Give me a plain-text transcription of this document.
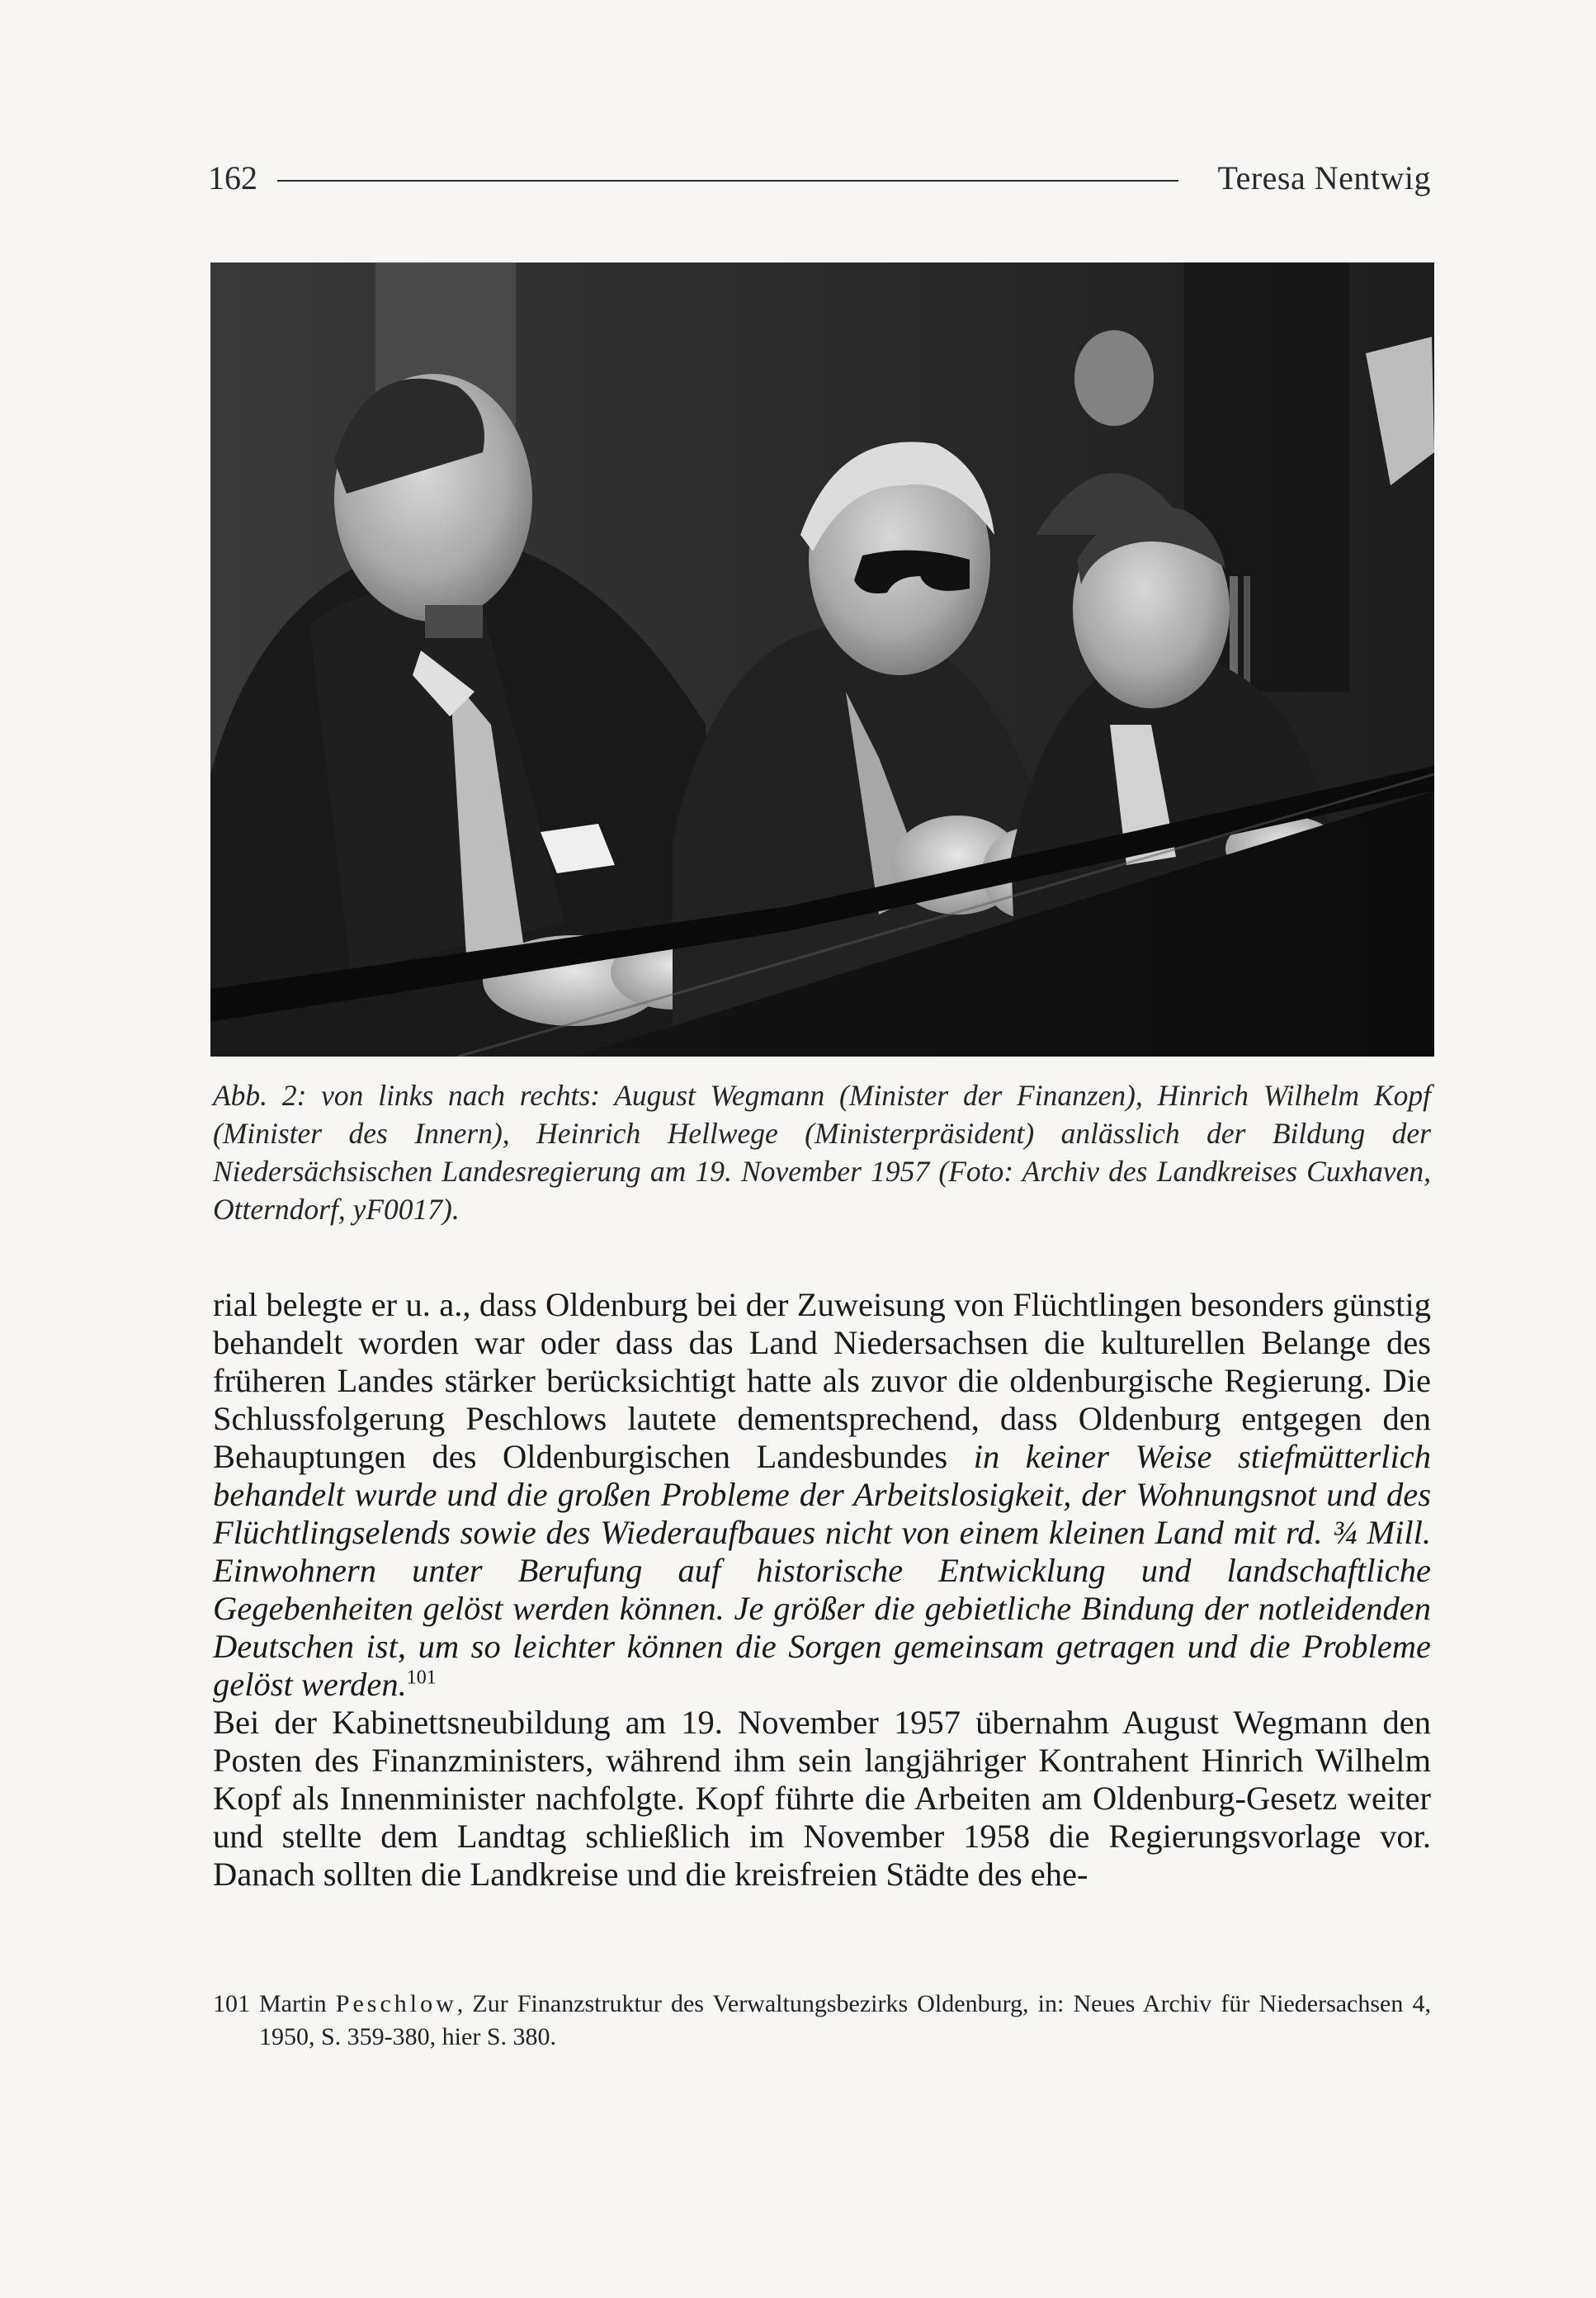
162	Teresa Nentwig

Abb. 2: von links nach rechts: August Wegmann (Minister der Finanzen), Hinrich Wilhelm Kopf (Minister des Innern), Heinrich Hellwege (Ministerpräsident) anlässlich der Bildung der Niedersächsischen Landesregierung am 19. November 1957 (Foto: Archiv des Landkreises Cuxhaven, Otterndorf, yF0017).

rial belegte er u. a., dass Oldenburg bei der Zuweisung von Flüchtlingen besonders günstig behandelt worden war oder dass das Land Niedersachsen die kulturellen Belange des früheren Landes stärker berücksichtigt hatte als zuvor die oldenburgische Regierung. Die Schlussfolgerung Peschlows lautete dementsprechend, dass Oldenburg entgegen den Behauptungen des Oldenburgischen Landesbundes in keiner Weise stiefmütterlich behandelt wurde und die großen Probleme der Arbeitslosigkeit, der Wohnungsnot und des Flüchtlingselends sowie des Wiederaufbaues nicht von einem kleinen Land mit rd. ¾ Mill. Einwohnern unter Berufung auf historische Entwicklung und landschaftliche Gegebenheiten gelöst werden können. Je größer die gebietliche Bindung der notleidenden Deutschen ist, um so leichter können die Sorgen gemeinsam getragen und die Probleme gelöst werden.$^{101}$
Bei der Kabinettsneubildung am 19. November 1957 übernahm August Wegmann den Posten des Finanzministers, während ihm sein langjähriger Kontrahent Hinrich Wilhelm Kopf als Innenminister nachfolgte. Kopf führte die Arbeiten am Oldenburg-Gesetz weiter und stellte dem Landtag schließlich im November 1958 die Regierungsvorlage vor. Danach sollten die Landkreise und die kreisfreien Städte des ehe-
101 Martin Peschlow, Zur Finanzstruktur des Verwaltungsbezirks Oldenburg, in: Neues Archiv für Niedersachsen 4, 1950, S. 359-380, hier S. 380.
